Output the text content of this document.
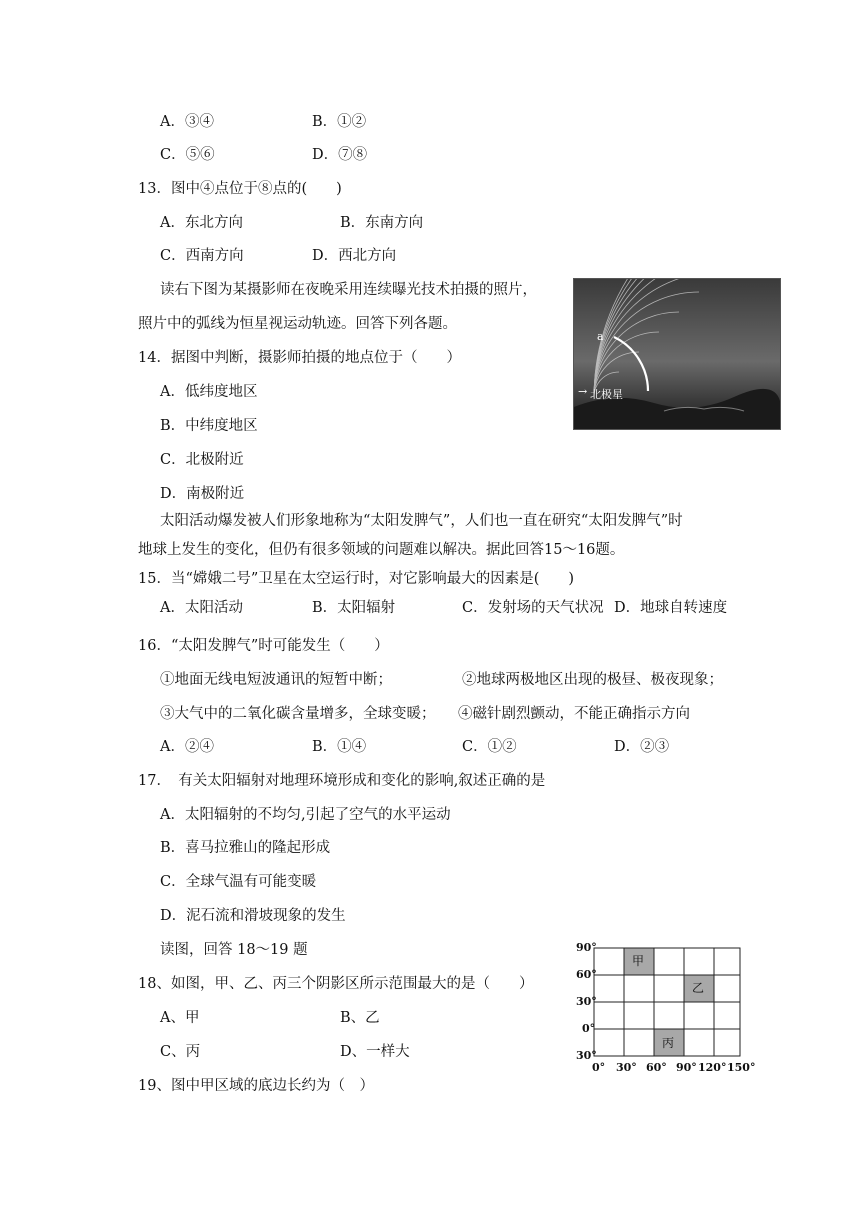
A．③④	B．①②
C．⑤⑥	D．⑦⑧
13．图中④点位于⑧点的(　　)
A．东北方向	B．东南方向
C．西南方向	D．西北方向
读右下图为某摄影师在夜晚采用连续曝光技术拍摄的照片，
照片中的弧线为恒星视运动轨迹。回答下列各题。
a
→ 北极星
14．据图中判断，摄影师拍摄的地点位于（　　）
A．低纬度地区
B．中纬度地区
C．北极附近
D．南极附近
太阳活动爆发被人们形象地称为“太阳发脾气”，人们也一直在研究“太阳发脾气”时
地球上发生的变化，但仍有很多领域的问题难以解决。据此回答15～16题。
15．当“嫦娥二号”卫星在太空运行时，对它影响最大的因素是(　　)
A．太阳活动	B．太阳辐射	C．发射场的天气状况 D．地球自转速度
16．“太阳发脾气”时可能发生（　　）
①地面无线电短波通讯的短暂中断；	②地球两极地区出现的极昼、极夜现象；
③大气中的二氧化碳含量增多，全球变暖； ④磁针剧烈颤动，不能正确指示方向
A．②④	B．①④	C．①②	D．②③
17．　有关太阳辐射对地理环境形成和变化的影响,叙述正确的是
A．太阳辐射的不均匀,引起了空气的水平运动
B．喜马拉雅山的隆起形成
C．全球气温有可能变暖
D．泥石流和滑坡现象的发生
读图，回答 18～19 题	90°
60°
30°
0°
30°
0° 30° 60° 90° 120° 150°
甲
乙
丙
18、如图，甲、乙、丙三个阴影区所示范围最大的是（　　）
A、甲	B、乙
C、丙	D、一样大
19、图中甲区域的底边长约为（　）
